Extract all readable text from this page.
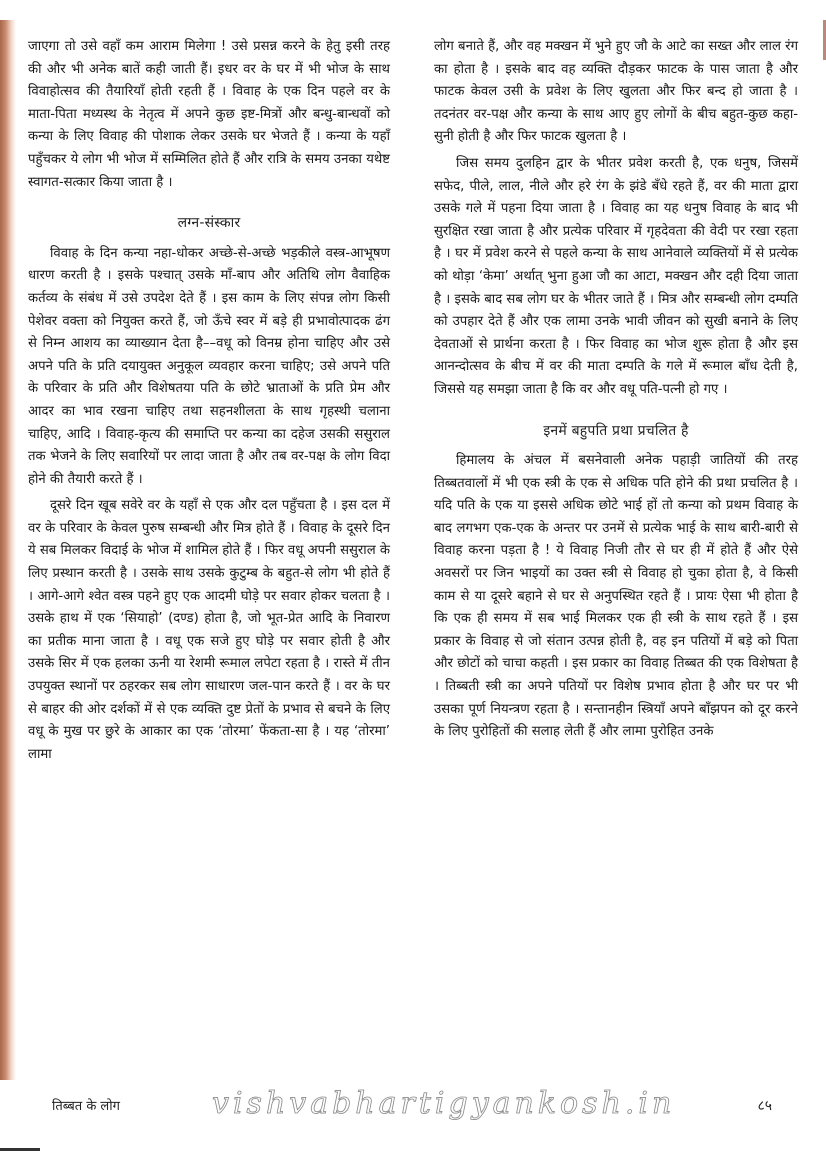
जाएगा तो उसे वहाँ कम आराम मिलेगा ! उसे प्रसन्न करने के हेतु इसी तरह की और भी अनेक बातें कही जाती हैं। इधर वर के घर में भी भोज के साथ विवाहोत्सव की तैयारियाँ होती रहती हैं । विवाह के एक दिन पहले वर के माता-पिता मध्यस्थ के नेतृत्व में अपने कुछ इष्ट-मित्रों और बन्धु-बान्धवों को कन्या के लिए विवाह की पोशाक लेकर उसके घर भेजते हैं । कन्या के यहाँ पहुँचकर ये लोग भी भोज में सम्मिलित होते हैं और रात्रि के समय उनका यथेष्ट स्वागत-सत्कार किया जाता है ।

लग्न-संस्कार

विवाह के दिन कन्या नहा-धोकर अच्छे-से-अच्छे भड़कीले वस्त्र-आभूषण धारण करती है । इसके पश्चात् उसके माँ-बाप और अतिथि लोग वैवाहिक कर्तव्य के संबंध में उसे उपदेश देते हैं । इस काम के लिए संपन्न लोग किसी पेशेवर वक्ता को नियुक्त करते हैं, जो ऊँचे स्वर में बड़े ही प्रभावोत्पादक ढंग से निम्न आशय का व्याख्यान देता है––वधू को विनम्र होना चाहिए और उसे अपने पति के प्रति दयायुक्त अनुकूल व्यवहार करना चाहिए; उसे अपने पति के परिवार के प्रति और विशेषतया पति के छोटे भ्राताओं के प्रति प्रेम और आदर का भाव रखना चाहिए तथा सहनशीलता के साथ गृहस्थी चलाना चाहिए, आदि । विवाह-कृत्य की समाप्ति पर कन्या का दहेज उसकी ससुराल तक भेजने के लिए सवारियों पर लादा जाता है और तब वर-पक्ष के लोग विदा होने की तैयारी करते हैं ।

दूसरे दिन खूब सवेरे वर के यहाँ से एक और दल पहुँचता है । इस दल में वर के परिवार के केवल पुरुष सम्बन्धी और मित्र होते हैं । विवाह के दूसरे दिन ये सब मिलकर विदाई के भोज में शामिल होते हैं । फिर वधू अपनी ससुराल के लिए प्रस्थान करती है । उसके साथ उसके कुटुम्ब के बहुत-से लोग भी होते हैं । आगे-आगे श्वेत वस्त्र पहने हुए एक आदमी घोड़े पर सवार होकर चलता है । उसके हाथ में एक ‘सियाहो’ (दण्ड) होता है, जो भूत-प्रेत आदि के निवारण का प्रतीक माना जाता है । वधू एक सजे हुए घोड़े पर सवार होती है और उसके सिर में एक हलका ऊनी या रेशमी रूमाल लपेटा रहता है । रास्ते में तीन उपयुक्त स्थानों पर ठहरकर सब लोग साधारण जल-पान करते हैं । वर के घर से बाहर की ओर दर्शकों में से एक व्यक्ति दुष्ट प्रेतों के प्रभाव से बचने के लिए वधू के मुख पर छुरे के आकार का एक ‘तोरमा’ फेंकता-सा है । यह ‘तोरमा’ लामा

लोग बनाते हैं, और वह मक्खन में भुने हुए जौ के आटे का सख्त और लाल रंग का होता है । इसके बाद वह व्यक्ति दौड़कर फाटक के पास जाता है और फाटक केवल उसी के प्रवेश के लिए खुलता और फिर बन्द हो जाता है । तदनंतर वर-पक्ष और कन्या के साथ आए हुए लोगों के बीच बहुत-कुछ कहा-सुनी होती है और फिर फाटक खुलता है ।

जिस समय दुलहिन द्वार के भीतर प्रवेश करती है, एक धनुष, जिसमें सफेद, पीले, लाल, नीले और हरे रंग के झंडे बँधे रहते हैं, वर की माता द्वारा उसके गले में पहना दिया जाता है । विवाह का यह धनुष विवाह के बाद भी सुरक्षित रखा जाता है और प्रत्येक परिवार में गृहदेवता की वेदी पर रखा रहता है । घर में प्रवेश करने से पहले कन्या के साथ आनेवाले व्यक्तियों में से प्रत्येक को थोड़ा ‘केमा’ अर्थात् भुना हुआ जौ का आटा, मक्खन और दही दिया जाता है । इसके बाद सब लोग घर के भीतर जाते हैं । मित्र और सम्बन्धी लोग दम्पति को उपहार देते हैं और एक लामा उनके भावी जीवन को सुखी बनाने के लिए देवताओं से प्रार्थना करता है । फिर विवाह का भोज शुरू होता है और इस आनन्दोत्सव के बीच में वर की माता दम्पति के गले में रूमाल बाँध देती है, जिससे यह समझा जाता है कि वर और वधू पति-पत्नी हो गए ।

इनमें बहुपति प्रथा प्रचलित है

हिमालय के अंचल में बसनेवाली अनेक पहाड़ी जातियों की तरह तिब्बतवालों में भी एक स्त्री के एक से अधिक पति होने की प्रथा प्रचलित है । यदि पति के एक या इससे अधिक छोटे भाई हों तो कन्या को प्रथम विवाह के बाद लगभग एक-एक के अन्तर पर उनमें से प्रत्येक भाई के साथ बारी-बारी से विवाह करना पड़ता है ! ये विवाह निजी तौर से घर ही में होते हैं और ऐसे अवसरों पर जिन भाइयों का उक्त स्त्री से विवाह हो चुका होता है, वे किसी काम से या दूसरे बहाने से घर से अनुपस्थित रहते हैं । प्रायः ऐसा भी होता है कि एक ही समय में सब भाई मिलकर एक ही स्त्री के साथ रहते हैं । इस प्रकार के विवाह से जो संतान उत्पन्न होती है, वह इन पतियों में बड़े को पिता और छोटों को चाचा कहती । इस प्रकार का विवाह तिब्बत की एक विशेषता है । तिब्बती स्त्री का अपने पतियों पर विशेष प्रभाव होता है और घर पर भी उसका पूर्ण नियन्त्रण रहता है । सन्तानहीन स्त्रियाँ अपने बाँझपन को दूर करने के लिए पुरोहितों की सलाह लेती हैं और लामा पुरोहित उनके

तिब्बत के लोग	vishvabhartigyankosh.in	८५
